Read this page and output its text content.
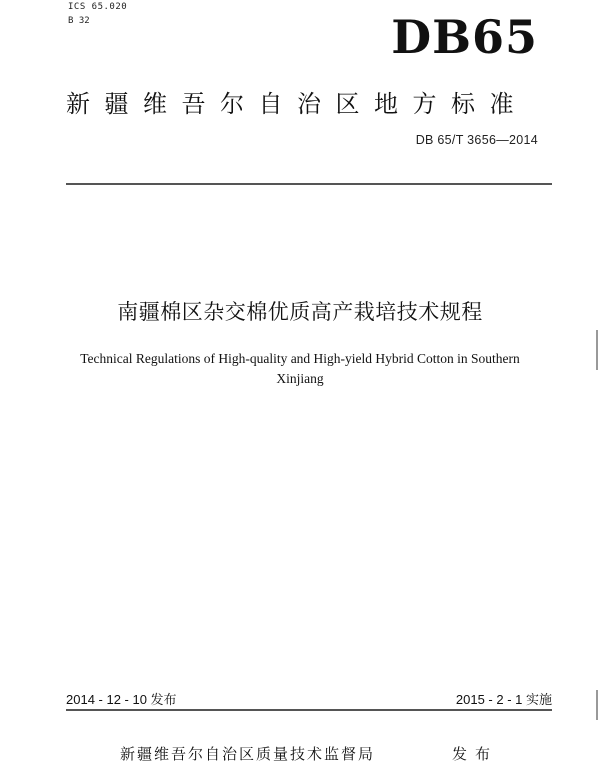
ICS 65.020
B 32	DB65
新疆维吾尔自治区地方标准
DB 65/T 3656—2014
南疆棉区杂交棉优质高产栽培技术规程
Technical Regulations of High-quality and High-yield Hybrid Cotton in Southern Xinjiang
2014 - 12 - 10 发布	2015 - 2 - 1 实施
新疆维吾尔自治区质量技术监督局	发布
